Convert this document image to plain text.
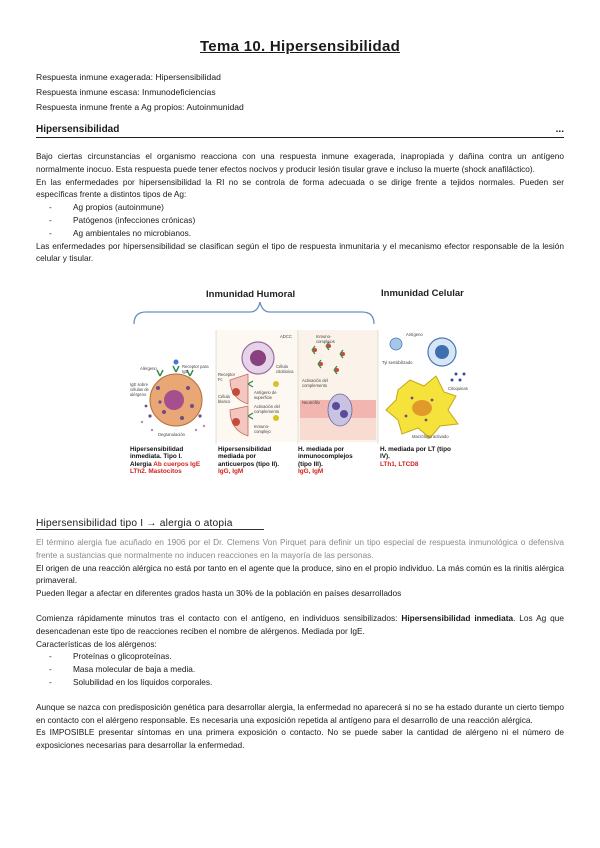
Tema 10. Hipersensibilidad
Respuesta inmune exagerada: Hipersensibilidad
Respuesta inmune escasa: Inmunodeficiencias
Respuesta inmune frente a Ag propios: Autoinmunidad
Hipersensibilidad	...

Bajo ciertas circunstancias el organismo reacciona con una respuesta inmune exagerada, inapropiada y dañina contra un antígeno normalmente inocuo. Esta respuesta puede tener efectos nocivos y producir lesión tisular grave e incluso la muerte (shock anafiláctico).

En las enfermedades por hipersensibilidad la RI no se controla de forma adecuada o se dirige frente a tejidos normales. Pueden ser específicas frente a distintos tipos de Ag:

- Ag propios (autoinmune)
- Patógenos (infecciones crónicas)
- Ag ambientales no microbianos.

Las enfermedades por hipersensibilidad se clasifican según el tipo de respuesta inmunitaria y el mecanismo efector responsable de la lesión celular y tisular.

Inmunidad Humoral	Inmunidad Celular
Alérgeno	Receptor para IgE
IgE sobre células de alérgeno
Degranulación
ADCC
Receptor Fc
Célula citotóxica
Célula blanco
Antígeno de superficie
Activación del complemento
Inmuno-complejo
Inmuno-complejos
Activación del complemento
Neutrófilo
Antígeno
Tyi sensibilizado
Citoquinas
Macrófago activado
Hipersensibilidad
inmediata. Tipo I.
Alergia Ab cuerpos IgE
LTh2. Mastocitos
Hipersensibilidad
mediada por
anticuerpos (tipo II).
IgG, IgM
H. mediada por
inmunocomplejos
(tipo III).
IgG, IgM
H. mediada por LT (tipo
IV).
LTh1, LTCD8
Hipersensibilidad tipo I → alergia o atopia

El término alergia fue acuñado en 1906 por el Dr. Clemens Von Pirquet para definir un tipo especial de respuesta inmunológica o defensiva frente a sustancias que normalmente no inducen reacciones en la mayoría de las personas.

El origen de una reacción alérgica no está por tanto en el agente que la produce, sino en el propio individuo. La más común es la rinitis alérgica primaveral.

Pueden llegar a afectar en diferentes grados hasta un 30% de la población en países desarrollados

Comienza rápidamente minutos tras el contacto con el antígeno, en individuos sensibilizados: Hipersensibilidad inmediata. Los Ag que desencadenan este tipo de reacciones reciben el nombre de alérgenos. Mediada por IgE.

Características de los alérgenos:

- Proteínas o glicoproteínas.
- Masa molecular de baja a media.
- Solubilidad en los líquidos corporales.

Aunque se nazca con predisposición genética para desarrollar alergia, la enfermedad no aparecerá si no se ha estado durante un cierto tiempo en contacto con el alérgeno responsable. Es necesaria una exposición repetida al antígeno para el desarrollo de una reacción alérgica.

Es IMPOSIBLE presentar síntomas en una primera exposición o contacto. No se puede saber la cantidad de alérgeno ni el número de exposiciones necesarias para desarrollar la enfermedad.
